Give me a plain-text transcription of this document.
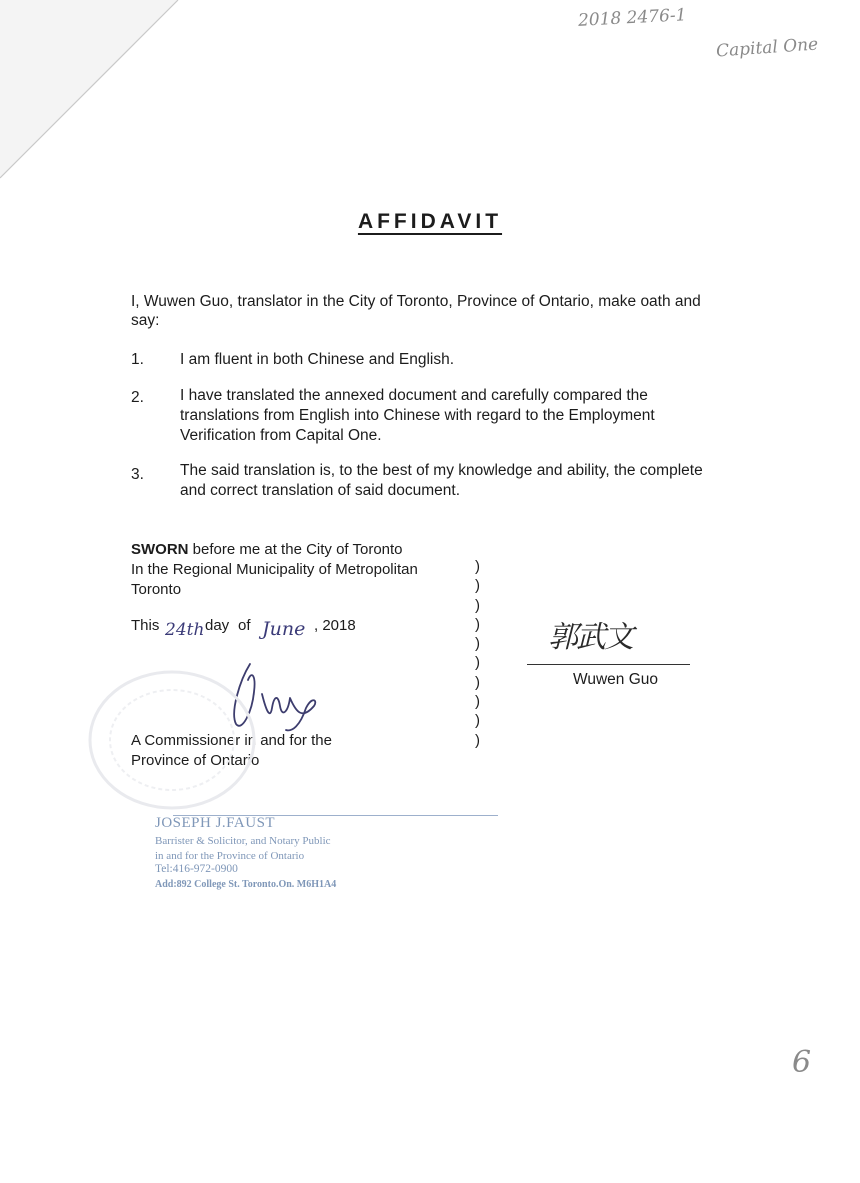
2018 2476-1
Capital One
AFFIDAVIT
I, Wuwen Guo, translator in the City of Toronto, Province of Ontario, make oath and say:
1. I am fluent in both Chinese and English.
2. I have translated the annexed document and carefully compared the translations from English into Chinese with regard to the Employment Verification from Capital One.
3. The said translation is, to the best of my knowledge and ability, the complete and correct translation of said document.
SWORN before me at the City of Toronto
In the Regional Municipality of Metropolitan
Toronto
This 24th day of June , 2018
)
)
)
)
)
)
)
)
)
)
A Commissioner in and for the
Province of Ontario
郭武文
Wuwen Guo
JOSEPH J.FAUST
Barrister & Solicitor, and Notary Public
in and for the Province of Ontario
Tel:416-972-0900
Add:892 College St. Toronto.On. M6H1A4
6
